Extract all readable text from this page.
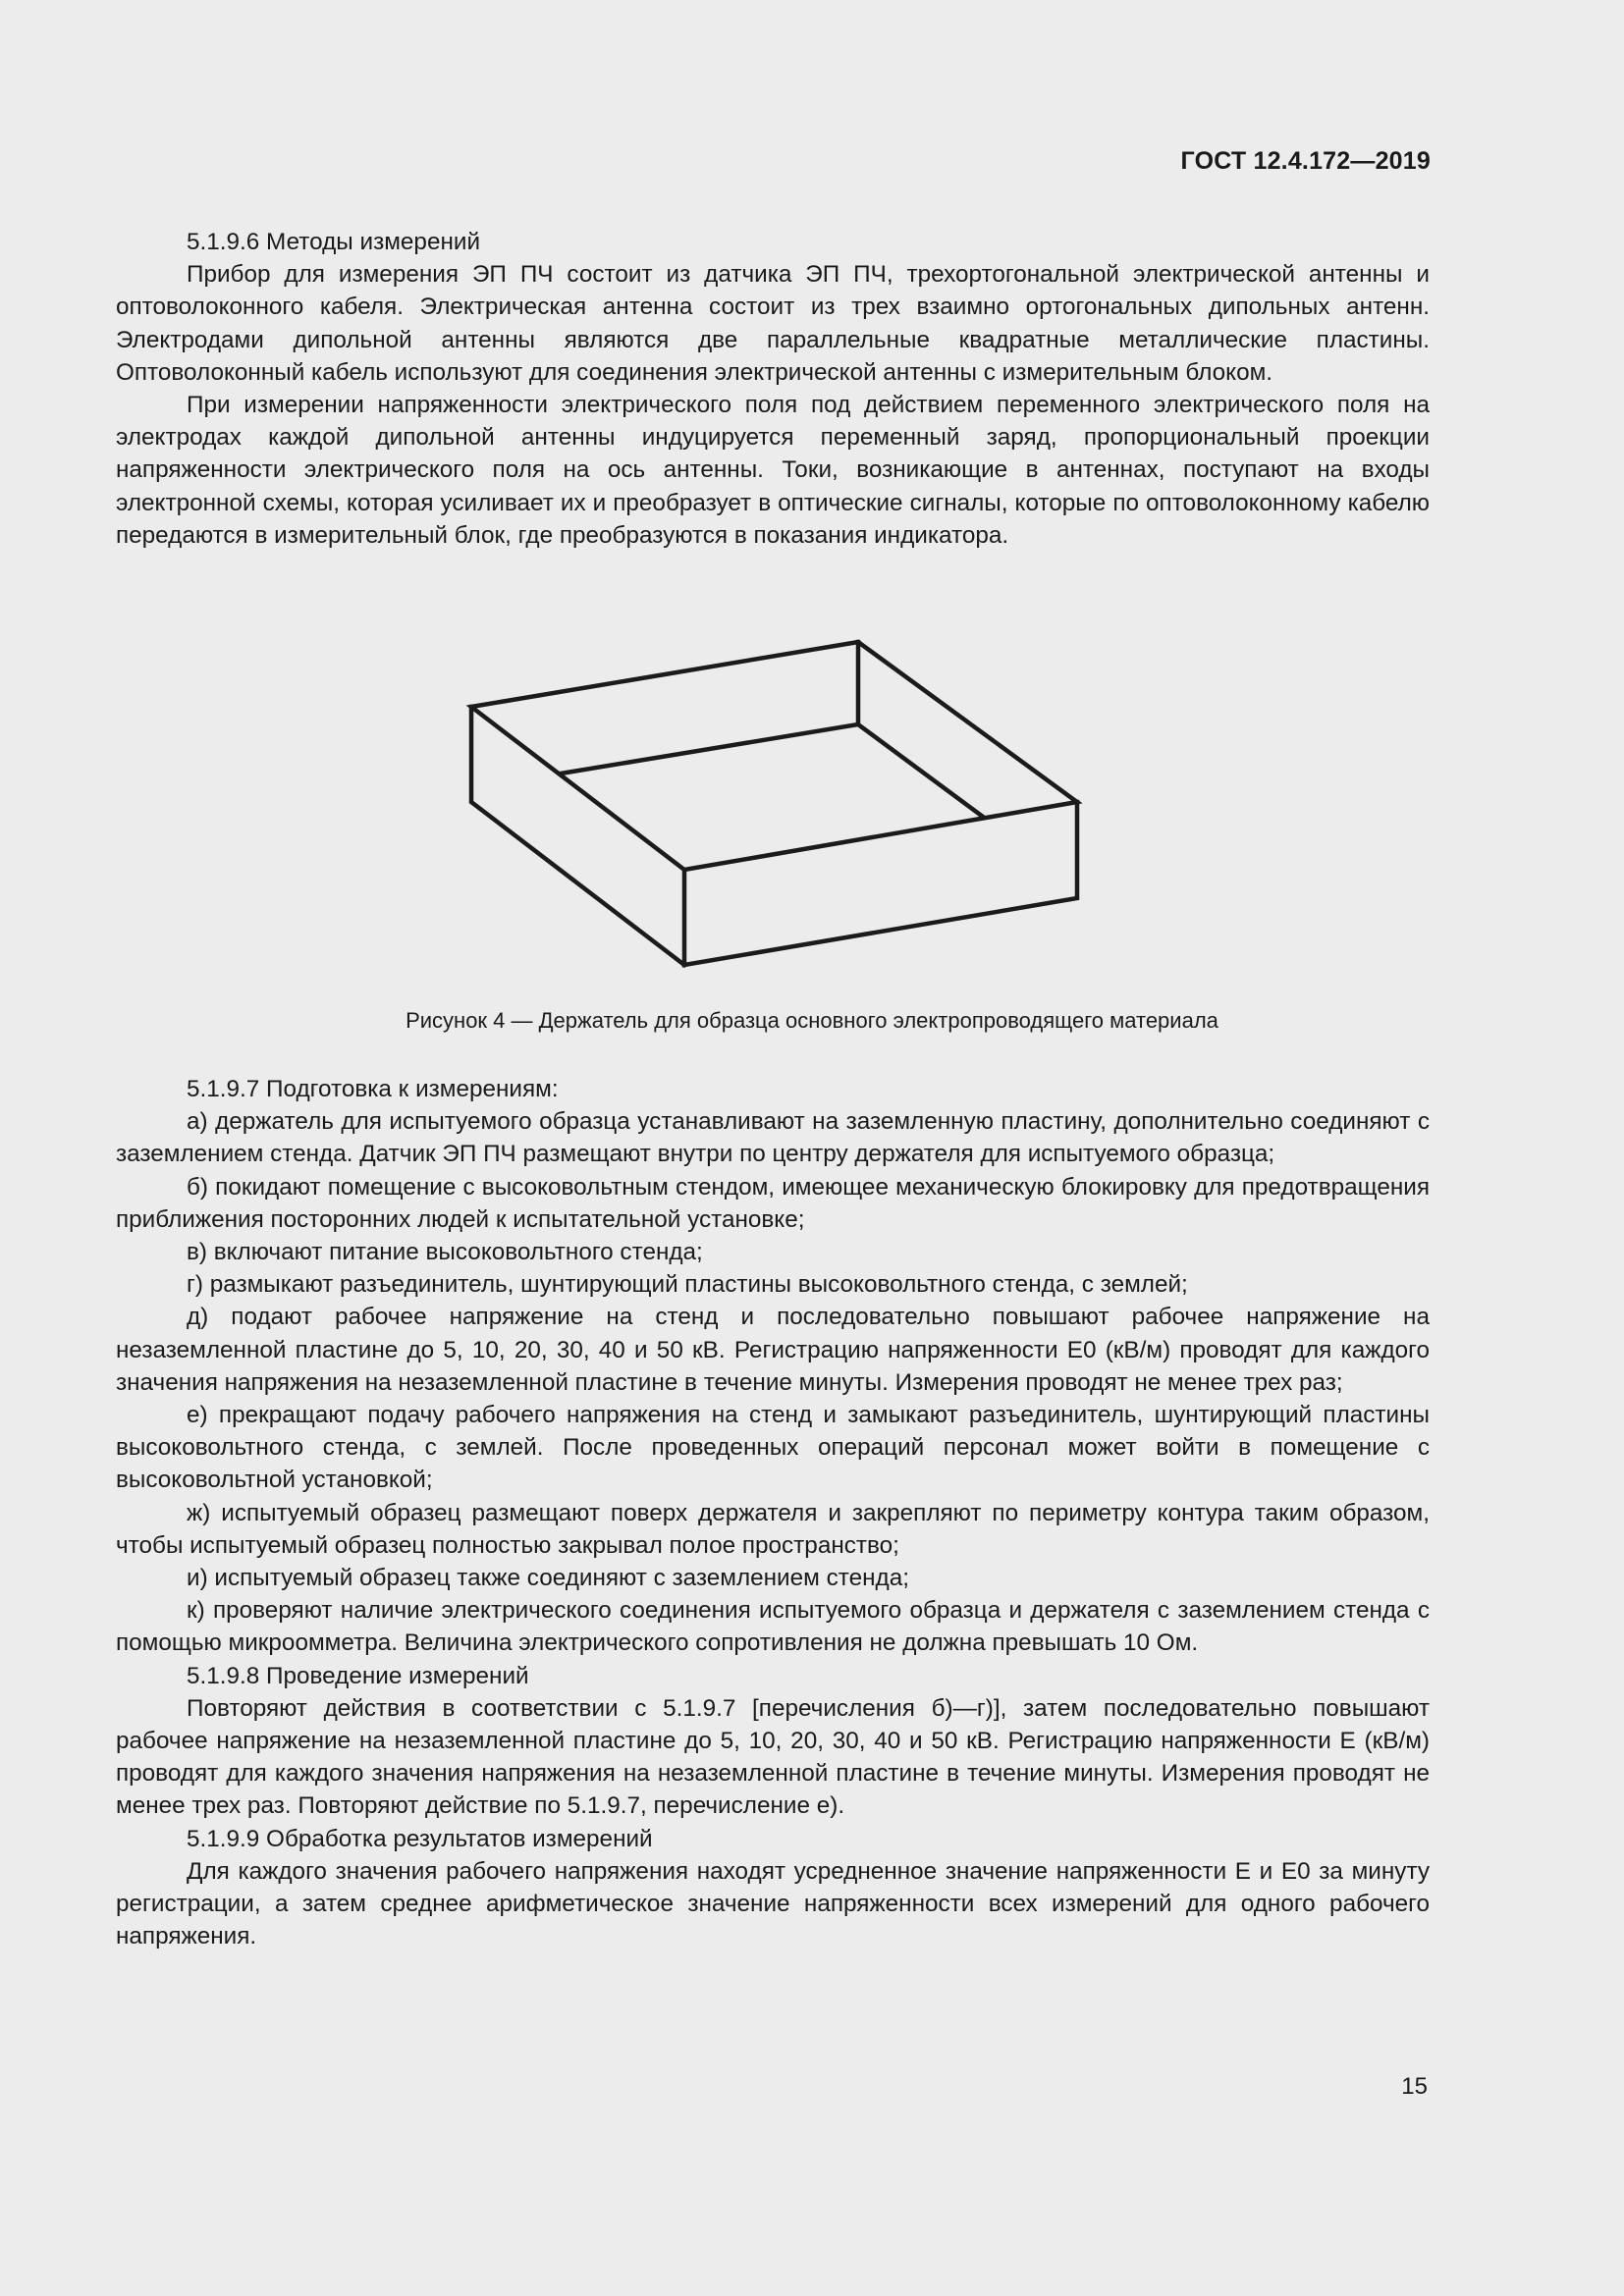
ГОСТ 12.4.172—2019

5.1.9.6 Методы измерений

Прибор для измерения ЭП ПЧ состоит из датчика ЭП ПЧ, трехортогональной электрической антенны и оптоволоконного кабеля. Электрическая антенна состоит из трех взаимно ортогональных дипольных антенн. Электродами дипольной антенны являются две параллельные квадратные металлические пластины. Оптоволоконный кабель используют для соединения электрической антенны с измерительным блоком.

При измерении напряженности электрического поля под действием переменного электрического поля на электродах каждой дипольной антенны индуцируется переменный заряд, пропорциональный проекции напряженности электрического поля на ось антенны. Токи, возникающие в антеннах, поступают на входы электронной схемы, которая усиливает их и преобразует в оптические сигналы, которые по оптоволоконному кабелю передаются в измерительный блок, где преобразуются в показания индикатора.

Рисунок 4 — Держатель для образца основного электропроводящего материала

5.1.9.7 Подготовка к измерениям:

а) держатель для испытуемого образца устанавливают на заземленную пластину, дополнительно соединяют с заземлением стенда. Датчик ЭП ПЧ размещают внутри по центру держателя для испытуемого образца;

б) покидают помещение с высоковольтным стендом, имеющее механическую блокировку для предотвращения приближения посторонних людей к испытательной установке;

в) включают питание высоковольтного стенда;

г) размыкают разъединитель, шунтирующий пластины высоковольтного стенда, с землей;

д) подают рабочее напряжение на стенд и последовательно повышают рабочее напряжение на незаземленной пластине до 5, 10, 20, 30, 40 и 50 кВ. Регистрацию напряженности Е0 (кВ/м) проводят для каждого значения напряжения на незаземленной пластине в течение минуты. Измерения проводят не менее трех раз;

е) прекращают подачу рабочего напряжения на стенд и замыкают разъединитель, шунтирующий пластины высоковольтного стенда, с землей. После проведенных операций персонал может войти в помещение с высоковольтной установкой;

ж) испытуемый образец размещают поверх держателя и закрепляют по периметру контура таким образом, чтобы испытуемый образец полностью закрывал полое пространство;

и) испытуемый образец также соединяют с заземлением стенда;

к) проверяют наличие электрического соединения испытуемого образца и держателя с заземлением стенда с помощью микроомметра. Величина электрического сопротивления не должна превышать 10 Ом.

5.1.9.8 Проведение измерений

Повторяют действия в соответствии с 5.1.9.7 [перечисления б)—г)], затем последовательно повышают рабочее напряжение на незаземленной пластине до 5, 10, 20, 30, 40 и 50 кВ. Регистрацию напряженности Е (кВ/м) проводят для каждого значения напряжения на незаземленной пластине в течение минуты. Измерения проводят не менее трех раз. Повторяют действие по 5.1.9.7, перечисление е).

5.1.9.9 Обработка результатов измерений

Для каждого значения рабочего напряжения находят усредненное значение напряженности Е и Е0 за минуту регистрации, а затем среднее арифметическое значение напряженности всех измерений для одного рабочего напряжения.

15
